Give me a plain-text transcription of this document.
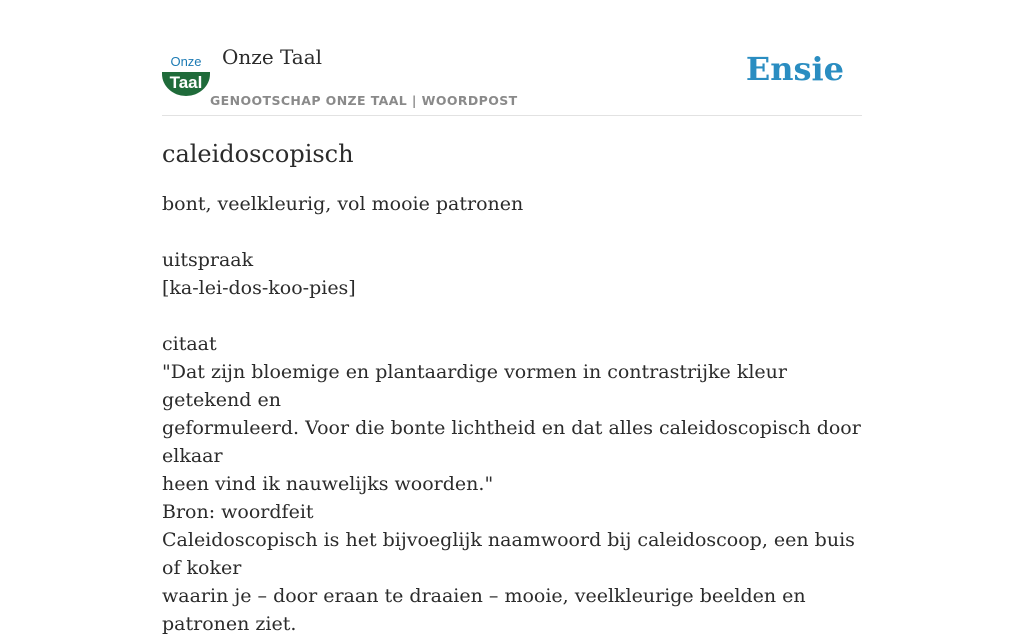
Onze
Taal
Onze Taal
GENOOTSCHAP ONZE TAAL | WOORDPOST
Ensie
caleidoscopisch

bont, veelkleurig, vol mooie patronen

uitspraak

[ka-lei-dos-koo-pies]

citaat

"Dat zijn bloemige en plantaardige vormen in contrastrijke kleur getekend en

geformuleerd. Voor die bonte lichtheid en dat alles caleidoscopisch door elkaar

heen vind ik nauwelijks woorden."

Bron: woordfeit

Caleidoscopisch is het bijvoeglijk naamwoord bij caleidoscoop, een buis of koker

waarin je – door eraan te draaien – mooie, veelkleurige beelden en patronen ziet.
